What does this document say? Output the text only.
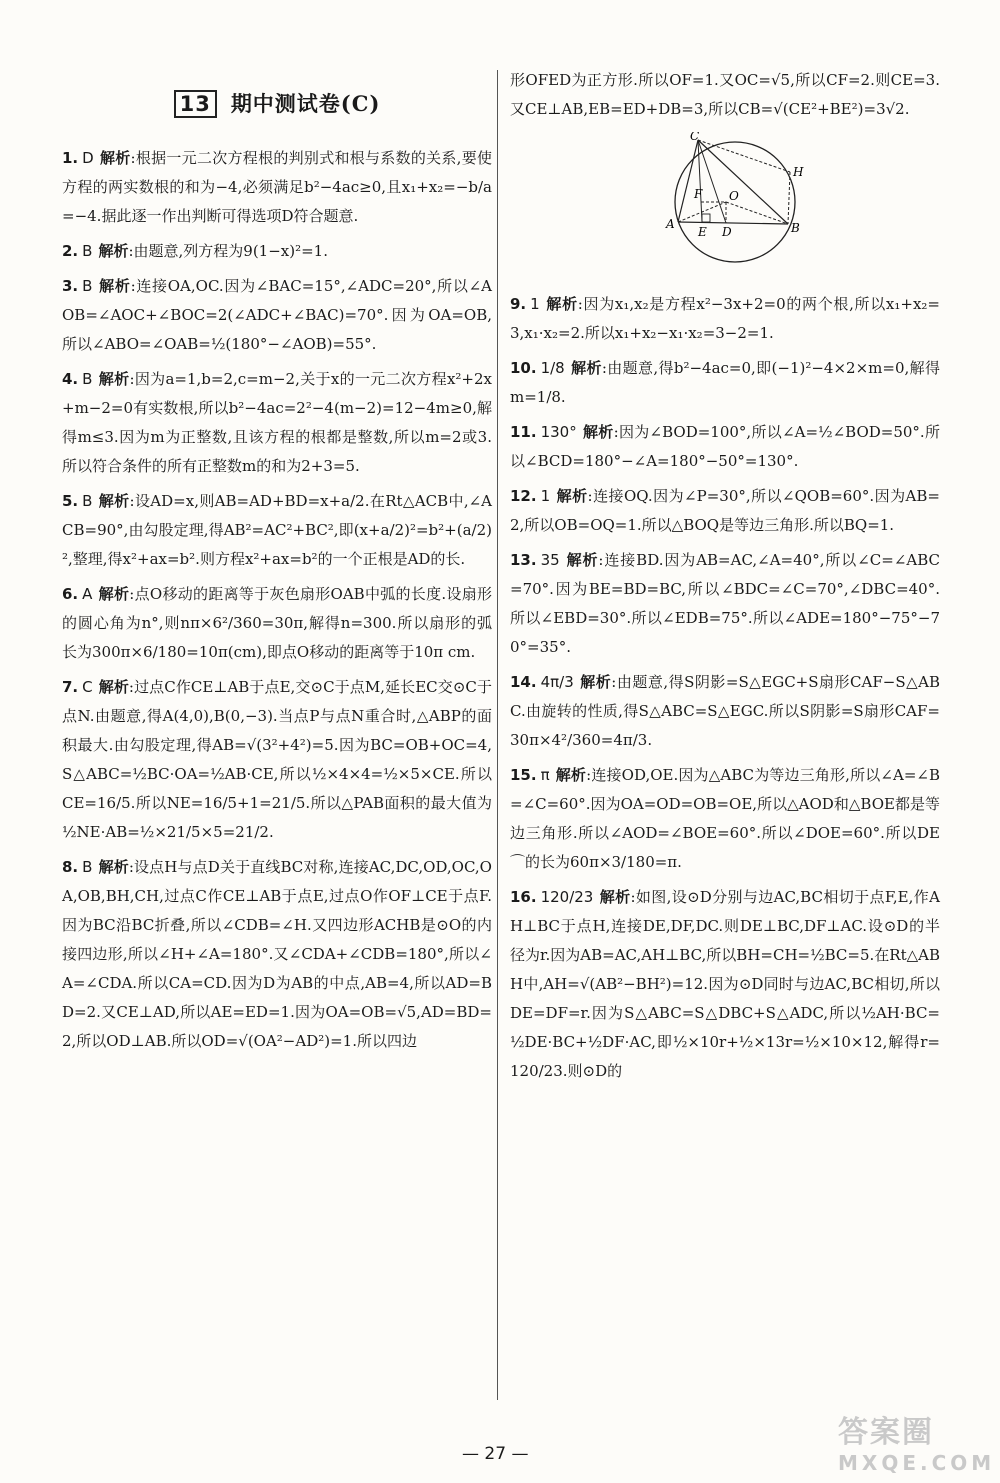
13 期中测试卷(C)
1. D 解析:根据一元二次方程根的判别式和根与系数的关系,要使方程的两实数根的和为−4,必须满足b²−4ac≥0,且x₁+x₂=−b/a=−4.据此逐一作出判断可得选项D符合题意.
2. B 解析:由题意,列方程为9(1−x)²=1.
3. B 解析:连接OA,OC.因为∠BAC=15°,∠ADC=20°,所以∠AOB=∠AOC+∠BOC=2(∠ADC+∠BAC)=70°.因为OA=OB,所以∠ABO=∠OAB=½(180°−∠AOB)=55°.
4. B 解析:因为a=1,b=2,c=m−2,关于x的一元二次方程x²+2x+m−2=0有实数根,所以b²−4ac=2²−4(m−2)=12−4m≥0,解得m≤3.因为m为正整数,且该方程的根都是整数,所以m=2或3.所以符合条件的所有正整数m的和为2+3=5.
5. B 解析:设AD=x,则AB=AD+BD=x+a/2.在Rt△ACB中,∠ACB=90°,由勾股定理,得AB²=AC²+BC²,即(x+a/2)²=b²+(a/2)²,整理,得x²+ax=b².则方程x²+ax=b²的一个正根是AD的长.
6. A 解析:点O移动的距离等于灰色扇形OAB中弧的长度.设扇形的圆心角为n°,则nπ×6²/360=30π,解得n=300.所以扇形的弧长为300π×6/180=10π(cm),即点O移动的距离等于10π cm.
7. C 解析:过点C作CE⊥AB于点E,交⊙C于点M,延长EC交⊙C于点N.由题意,得A(4,0),B(0,−3).当点P与点N重合时,△ABP的面积最大.由勾股定理,得AB=√(3²+4²)=5.因为BC=OB+OC=4,S△ABC=½BC·OA=½AB·CE,所以½×4×4=½×5×CE.所以CE=16/5.所以NE=16/5+1=21/5.所以△PAB面积的最大值为½NE·AB=½×21/5×5=21/2.
8. B 解析:设点H与点D关于直线BC对称,连接AC,DC,OD,OC,OA,OB,BH,CH,过点C作CE⊥AB于点E,过点O作OF⊥CE于点F.因为BC沿BC折叠,所以∠CDB=∠H.又四边形ACHB是⊙O的内接四边形,所以∠H+∠A=180°.又∠CDA+∠CDB=180°,所以∠A=∠CDA.所以CA=CD.因为D为AB的中点,AB=4,所以AD=BD=2.又CE⊥AD,所以AE=ED=1.因为OA=OB=√5,AD=BD=2,所以OD⊥AB.所以OD=√(OA²−AD²)=1.所以四边
形OFED为正方形.所以OF=1.又OC=√5,所以CF=2.则CE=3.又CE⊥AB,EB=ED+DB=3,所以CB=√(CE²+BE²)=3√2.
C
H
F O
A
E D	B
9. 1 解析:因为x₁,x₂是方程x²−3x+2=0的两个根,所以x₁+x₂=3,x₁·x₂=2.所以x₁+x₂−x₁·x₂=3−2=1.
10. 1/8 解析:由题意,得b²−4ac=0,即(−1)²−4×2×m=0,解得m=1/8.
11. 130° 解析:因为∠BOD=100°,所以∠A=½∠BOD=50°.所以∠BCD=180°−∠A=180°−50°=130°.
12. 1 解析:连接OQ.因为∠P=30°,所以∠QOB=60°.因为AB=2,所以OB=OQ=1.所以△BOQ是等边三角形.所以BQ=1.
13. 35 解析:连接BD.因为AB=AC,∠A=40°,所以∠C=∠ABC=70°.因为BE=BD=BC,所以∠BDC=∠C=70°,∠DBC=40°.所以∠EBD=30°.所以∠EDB=75°.所以∠ADE=180°−75°−70°=35°.
14. 4π/3 解析:由题意,得S阴影=S△EGC+S扇形CAF−S△ABC.由旋转的性质,得S△ABC=S△EGC.所以S阴影=S扇形CAF=30π×4²/360=4π/3.
15. π 解析:连接OD,OE.因为△ABC为等边三角形,所以∠A=∠B=∠C=60°.因为OA=OD=OB=OE,所以△AOD和△BOE都是等边三角形.所以∠AOD=∠BOE=60°.所以∠DOE=60°.所以DE⌒的长为60π×3/180=π.
16. 120/23 解析:如图,设⊙D分别与边AC,BC相切于点F,E,作AH⊥BC于点H,连接DE,DF,DC.则DE⊥BC,DF⊥AC.设⊙D的半径为r.因为AB=AC,AH⊥BC,所以BH=CH=½BC=5.在Rt△ABH中,AH=√(AB²−BH²)=12.因为⊙D同时与边AC,BC相切,所以DE=DF=r.因为S△ABC=S△DBC+S△ADC,所以½AH·BC=½DE·BC+½DF·AC,即½×10r+½×13r=½×10×12,解得r=120/23.则⊙D的
— 27 —
答案圈
MXQE.COM
